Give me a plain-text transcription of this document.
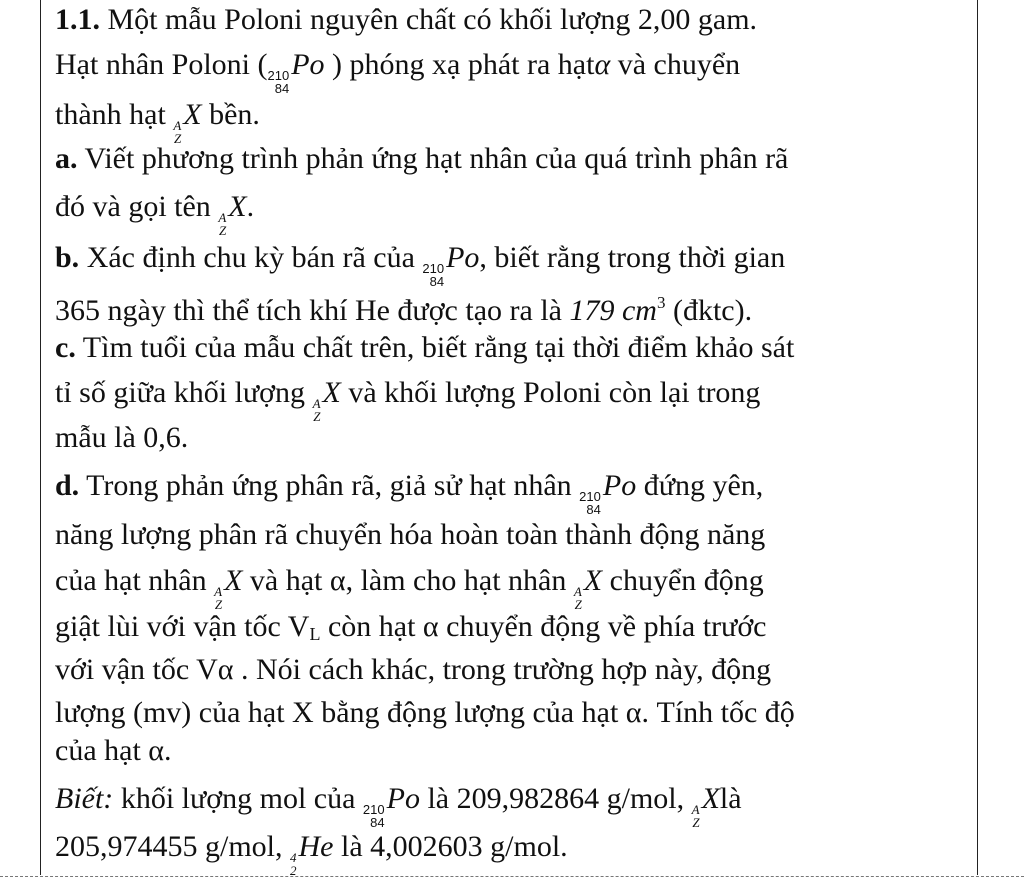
1.1. Một mẫu Poloni nguyên chất có khối lượng 2,00 gam.
Hạt nhân Poloni ( 210
84
Po ) phóng xạ phát ra hạtα và chuyển
thành hạt A
Z
X bền.
a. Viết phương trình phản ứng hạt nhân của quá trình phân rã
đó và gọi tên A
Z
X.
b. Xác định chu kỳ bán rã của 210
84
Po, biết rằng trong thời gian
365 ngày thì thể tích khí He được tạo ra là 179 $cm^3$ (đktc).
c. Tìm tuổi của mẫu chất trên, biết rằng tại thời điểm khảo sát
tỉ số giữa khối lượng A
Z
X và khối lượng Poloni còn lại trong
mẫu là 0,6.
d. Trong phản ứng phân rã, giả sử hạt nhân 210
84
Po đứng yên,
năng lượng phân rã chuyển hóa hoàn toàn thành động năng
của hạt nhân A
Z
X và hạt α, làm cho hạt nhân A
Z
X chuyển động
giật lùi với vận tốc $V_L$ còn hạt α chuyển động về phía trước
với vận tốc Vα . Nói cách khác, trong trường hợp này, động
lượng (mv) của hạt X bằng động lượng của hạt α. Tính tốc độ
của hạt α.
Biết: khối lượng mol của 210
84
Po là 209,982864 g/mol, A
Z
Xlà
205,974455 g/mol, 4
2
He là 4,002603 g/mol.
